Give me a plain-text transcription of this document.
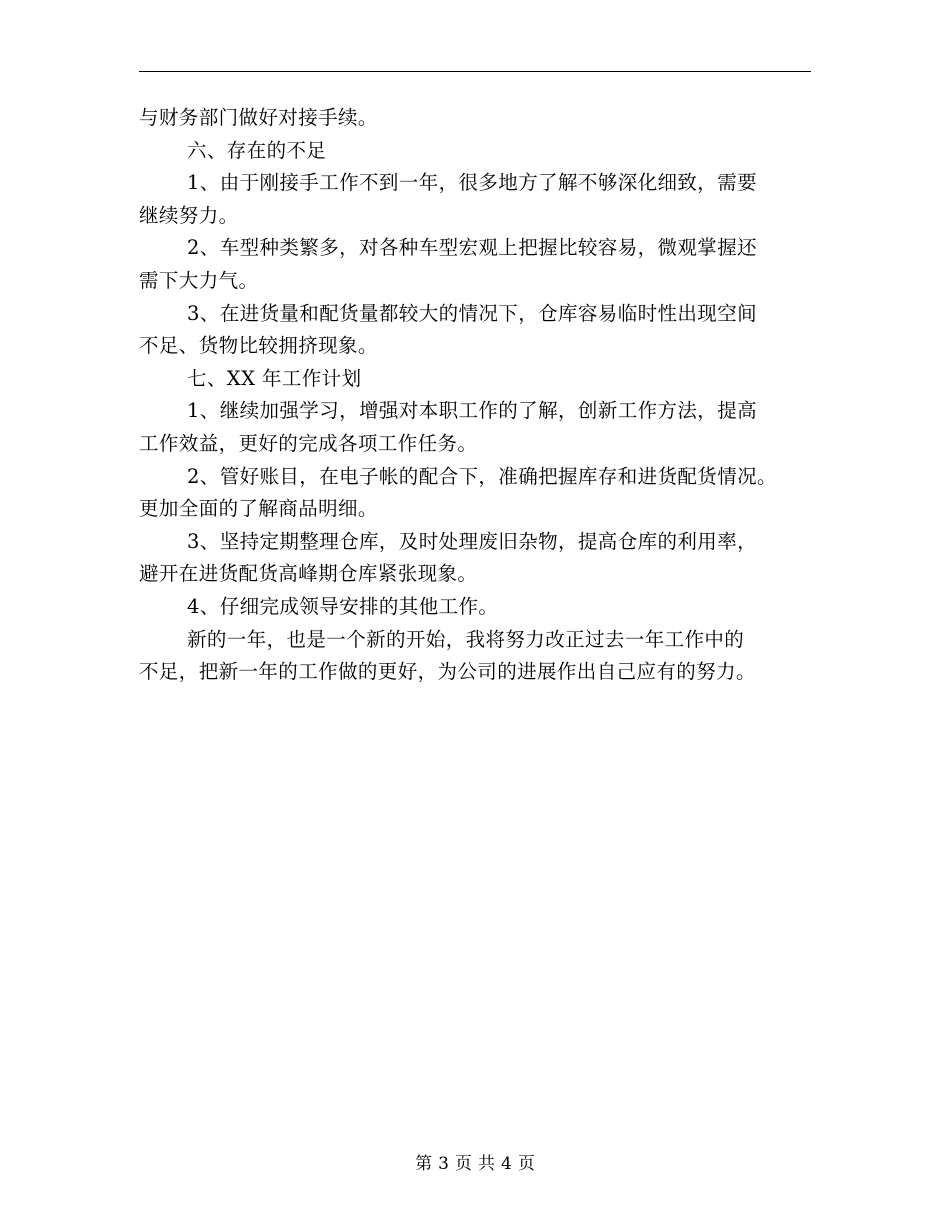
与财务部门做好对接手续。
六、存在的不足
1、由于刚接手工作不到一年，很多地方了解不够深化细致，需要
继续努力。
2、车型种类繁多，对各种车型宏观上把握比较容易，微观掌握还
需下大力气。
3、在进货量和配货量都较大的情况下，仓库容易临时性出现空间
不足、货物比较拥挤现象。
七、XX 年工作计划
1、继续加强学习，增强对本职工作的了解，创新工作方法，提高
工作效益，更好的完成各项工作任务。
2、管好账目，在电子帐的配合下，准确把握库存和进货配货情况。
更加全面的了解商品明细。
3、坚持定期整理仓库，及时处理废旧杂物，提高仓库的利用率，
避开在进货配货高峰期仓库紧张现象。
4、仔细完成领导安排的其他工作。
新的一年，也是一个新的开始，我将努力改正过去一年工作中的
不足，把新一年的工作做的更好，为公司的进展作出自己应有的努力。
第 3 页 共 4 页
